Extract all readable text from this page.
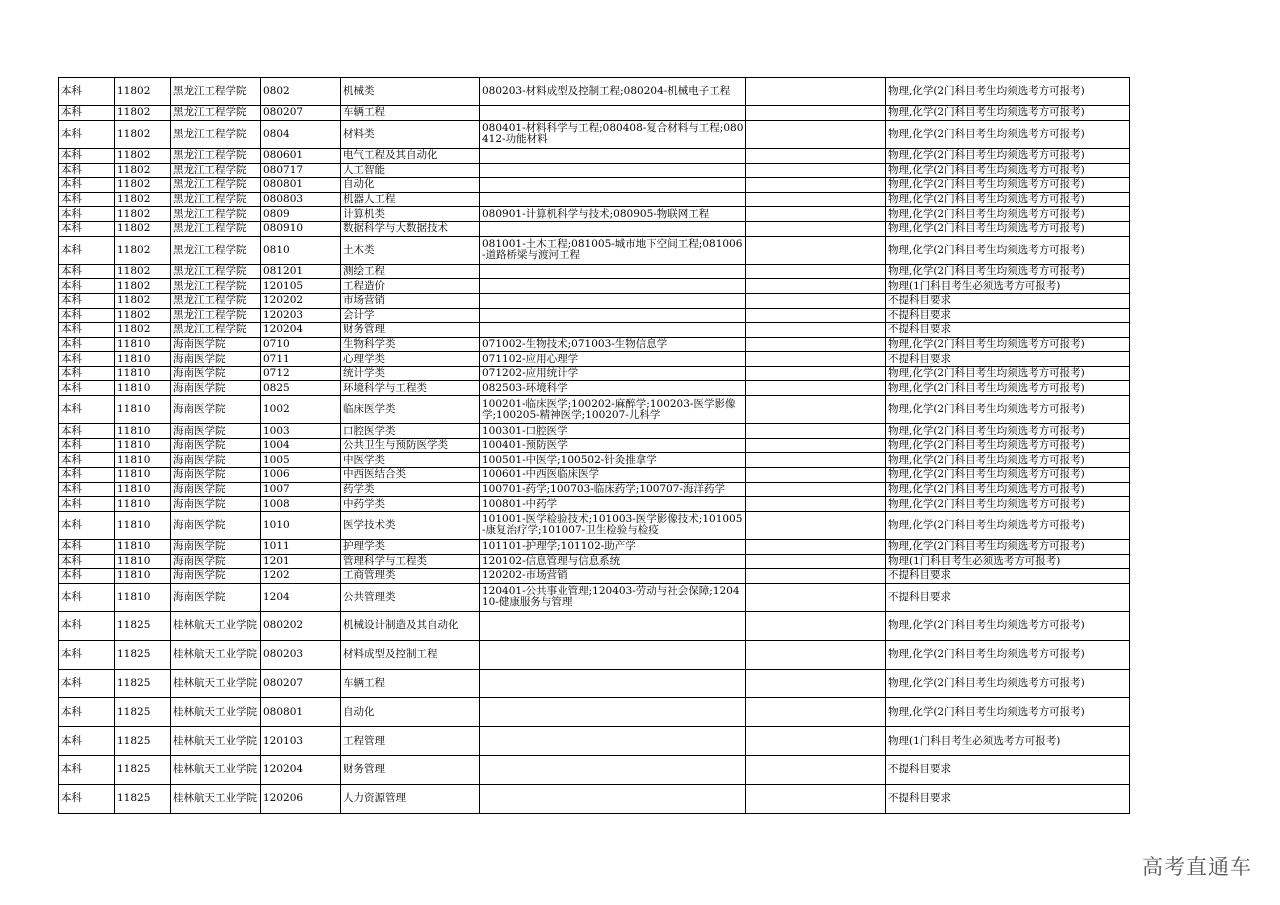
本科	11802	黑龙江工程学院	0802	机械类	080203-材料成型及控制工程;080204-机械电子工程		物理,化学(2门科目考生均须选考方可报考)
本科	11802	黑龙江工程学院	080207	车辆工程			物理,化学(2门科目考生均须选考方可报考)
本科	11802	黑龙江工程学院	0804	材料类	080401-材料科学与工程;080408-复合材料与工程;080412-功能材料		物理,化学(2门科目考生均须选考方可报考)
本科	11802	黑龙江工程学院	080601	电气工程及其自动化			物理,化学(2门科目考生均须选考方可报考)
本科	11802	黑龙江工程学院	080717	人工智能			物理,化学(2门科目考生均须选考方可报考)
本科	11802	黑龙江工程学院	080801	自动化			物理,化学(2门科目考生均须选考方可报考)
本科	11802	黑龙江工程学院	080803	机器人工程			物理,化学(2门科目考生均须选考方可报考)
本科	11802	黑龙江工程学院	0809	计算机类	080901-计算机科学与技术;080905-物联网工程		物理,化学(2门科目考生均须选考方可报考)
本科	11802	黑龙江工程学院	080910	数据科学与大数据技术			物理,化学(2门科目考生均须选考方可报考)
本科	11802	黑龙江工程学院	0810	土木类	081001-土木工程;081005-城市地下空间工程;081006-道路桥梁与渡河工程		物理,化学(2门科目考生均须选考方可报考)
本科	11802	黑龙江工程学院	081201	测绘工程			物理,化学(2门科目考生均须选考方可报考)
本科	11802	黑龙江工程学院	120105	工程造价			物理(1门科目考生必须选考方可报考)
本科	11802	黑龙江工程学院	120202	市场营销			不提科目要求
本科	11802	黑龙江工程学院	120203	会计学			不提科目要求
本科	11802	黑龙江工程学院	120204	财务管理			不提科目要求
本科	11810	海南医学院	0710	生物科学类	071002-生物技术;071003-生物信息学		物理,化学(2门科目考生均须选考方可报考)
本科	11810	海南医学院	0711	心理学类	071102-应用心理学		不提科目要求
本科	11810	海南医学院	0712	统计学类	071202-应用统计学		物理,化学(2门科目考生均须选考方可报考)
本科	11810	海南医学院	0825	环境科学与工程类	082503-环境科学		物理,化学(2门科目考生均须选考方可报考)
本科	11810	海南医学院	1002	临床医学类	100201-临床医学;100202-麻醉学;100203-医学影像学;100205-精神医学;100207-儿科学		物理,化学(2门科目考生均须选考方可报考)
本科	11810	海南医学院	1003	口腔医学类	100301-口腔医学		物理,化学(2门科目考生均须选考方可报考)
本科	11810	海南医学院	1004	公共卫生与预防医学类	100401-预防医学		物理,化学(2门科目考生均须选考方可报考)
本科	11810	海南医学院	1005	中医学类	100501-中医学;100502-针灸推拿学		物理,化学(2门科目考生均须选考方可报考)
本科	11810	海南医学院	1006	中西医结合类	100601-中西医临床医学		物理,化学(2门科目考生均须选考方可报考)
本科	11810	海南医学院	1007	药学类	100701-药学;100703-临床药学;100707-海洋药学		物理,化学(2门科目考生均须选考方可报考)
本科	11810	海南医学院	1008	中药学类	100801-中药学		物理,化学(2门科目考生均须选考方可报考)
本科	11810	海南医学院	1010	医学技术类	101001-医学检验技术;101003-医学影像技术;101005-康复治疗学;101007-卫生检验与检疫		物理,化学(2门科目考生均须选考方可报考)
本科	11810	海南医学院	1011	护理学类	101101-护理学;101102-助产学		物理,化学(2门科目考生均须选考方可报考)
本科	11810	海南医学院	1201	管理科学与工程类	120102-信息管理与信息系统		物理(1门科目考生必须选考方可报考)
本科	11810	海南医学院	1202	工商管理类	120202-市场营销		不提科目要求
本科	11810	海南医学院	1204	公共管理类	120401-公共事业管理;120403-劳动与社会保障;120410-健康服务与管理		不提科目要求
本科	11825	桂林航天工业学院	080202	机械设计制造及其自动化			物理,化学(2门科目考生均须选考方可报考)
本科	11825	桂林航天工业学院	080203	材料成型及控制工程			物理,化学(2门科目考生均须选考方可报考)
本科	11825	桂林航天工业学院	080207	车辆工程			物理,化学(2门科目考生均须选考方可报考)
本科	11825	桂林航天工业学院	080801	自动化			物理,化学(2门科目考生均须选考方可报考)
本科	11825	桂林航天工业学院	120103	工程管理			物理(1门科目考生必须选考方可报考)
本科	11825	桂林航天工业学院	120204	财务管理			不提科目要求
本科	11825	桂林航天工业学院	120206	人力资源管理			不提科目要求
高考直通车
